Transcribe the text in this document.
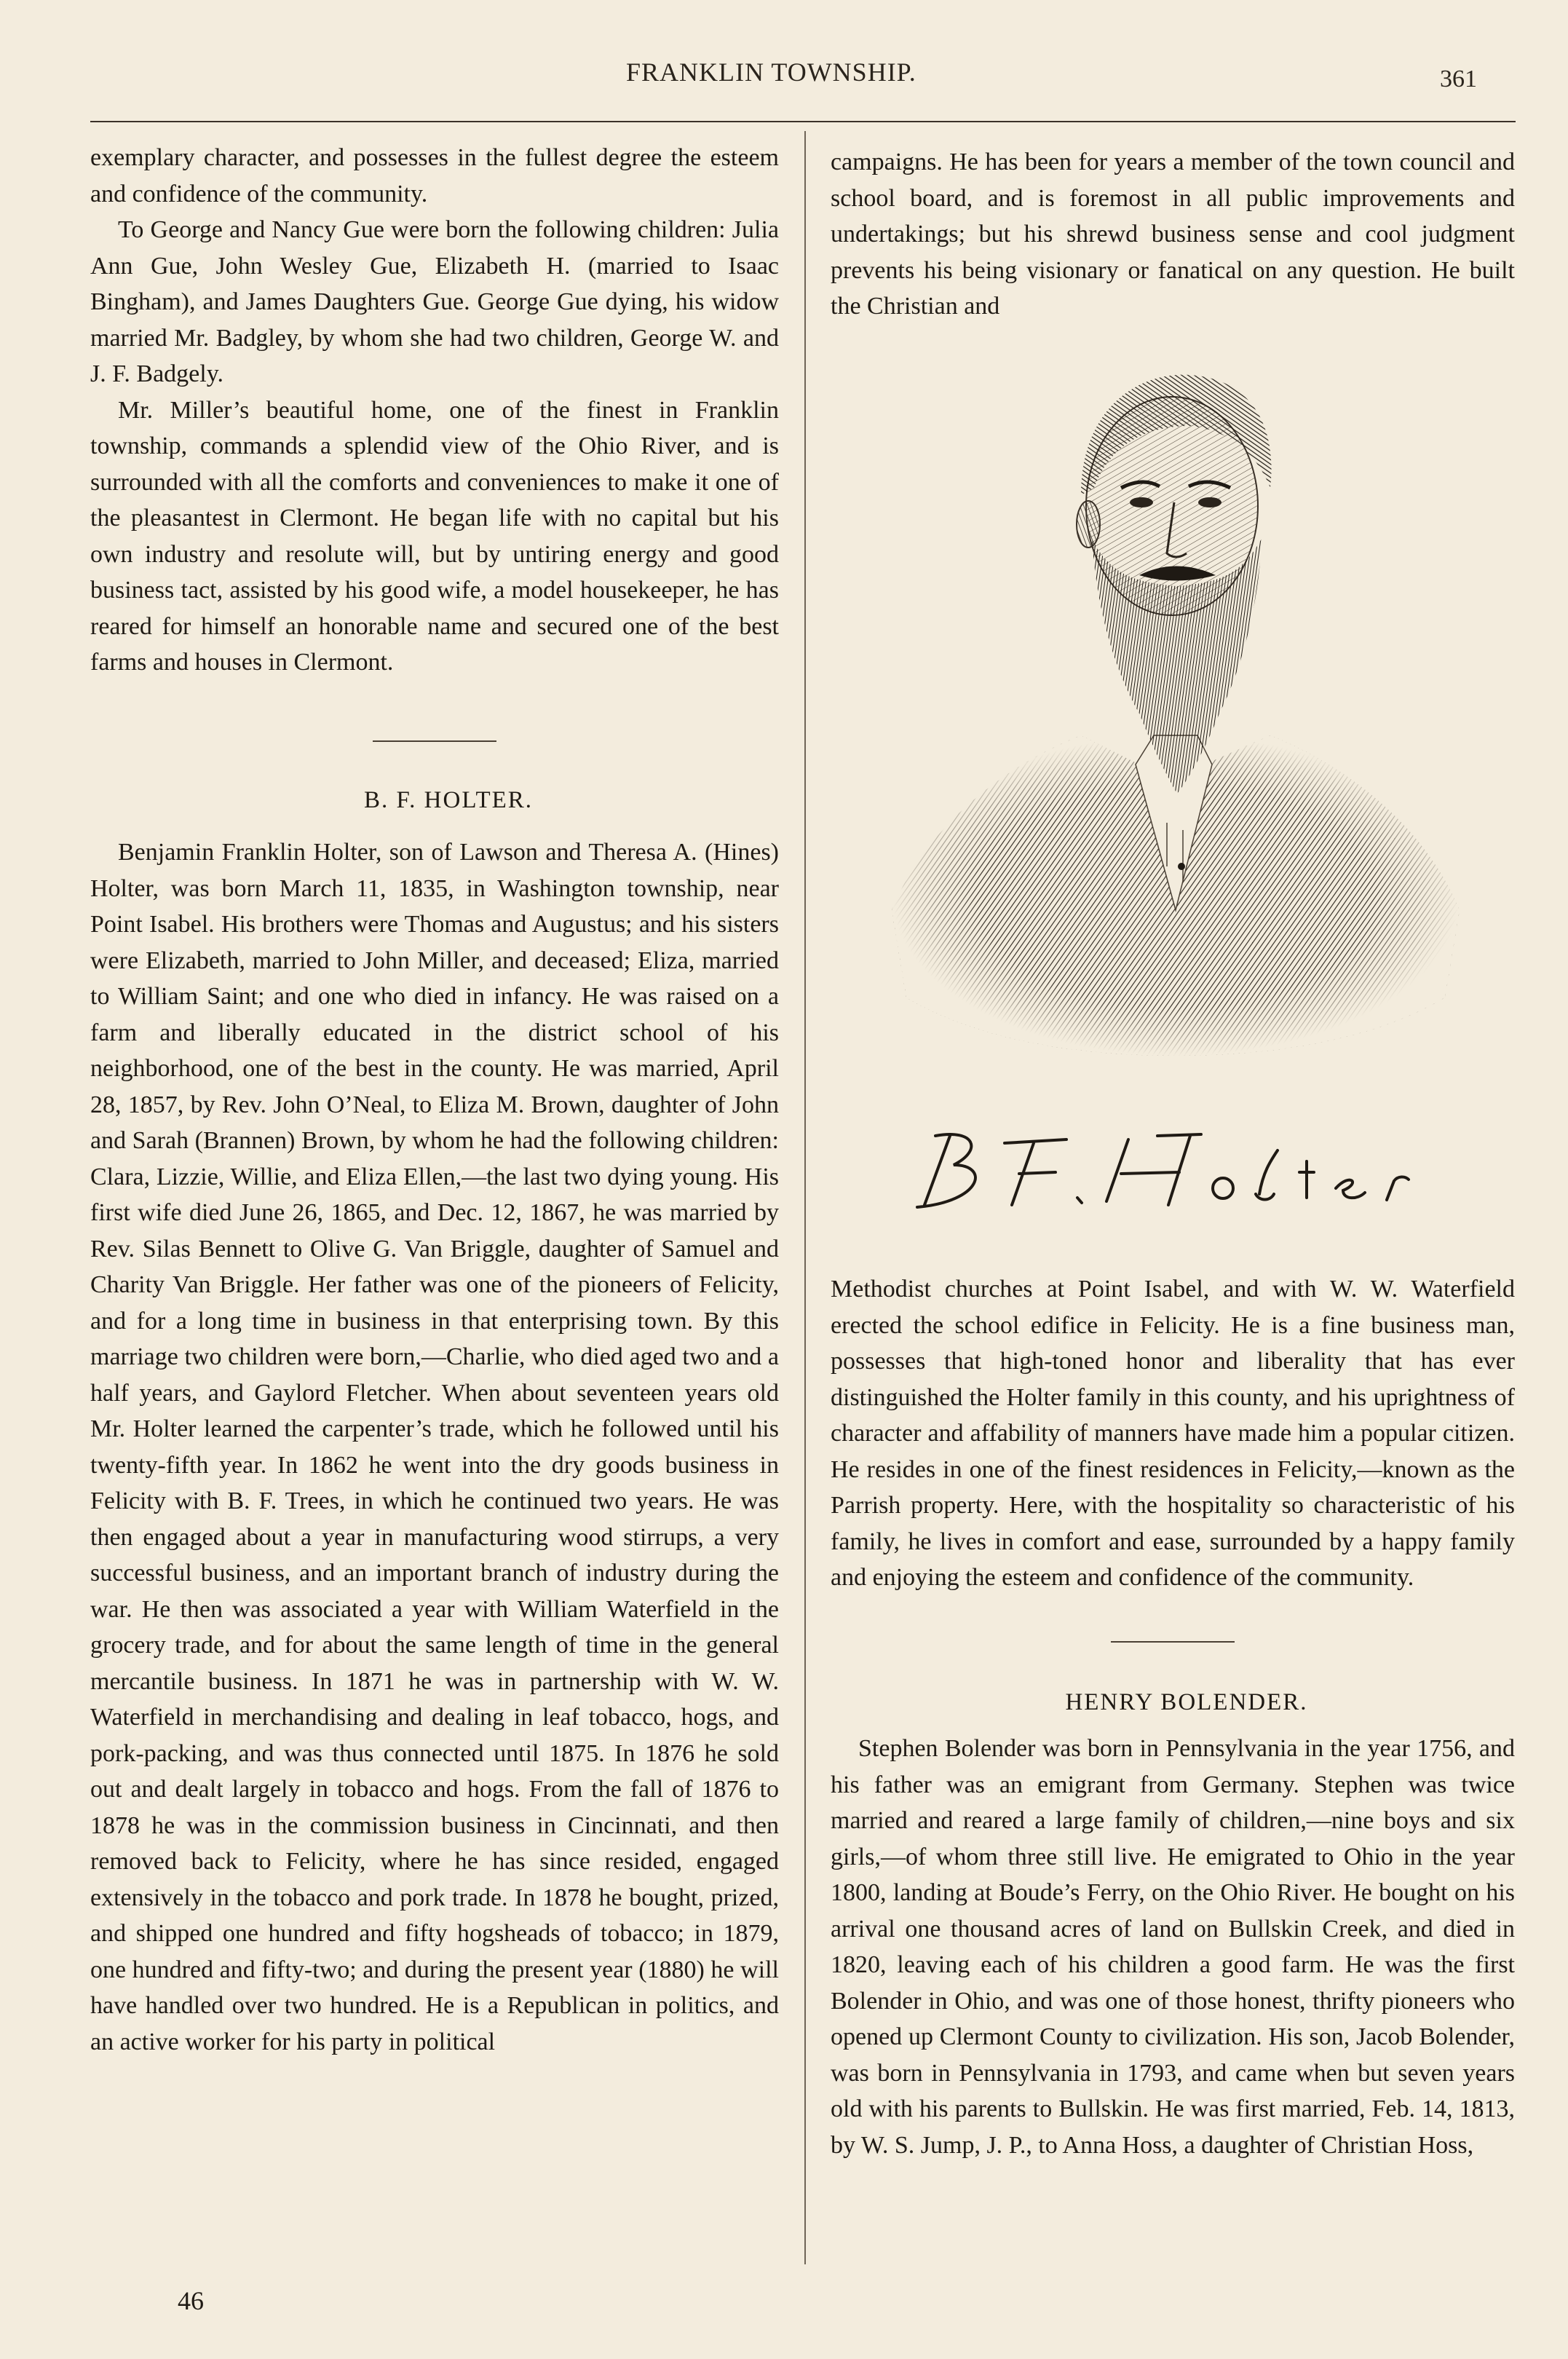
FRANKLIN TOWNSHIP.	361

exemplary character, and possesses in the fullest degree the esteem and confidence of the community.

To George and Nancy Gue were born the following children: Julia Ann Gue, John Wesley Gue, Elizabeth H. (married to Isaac Bingham), and James Daughters Gue. George Gue dying, his widow married Mr. Badgley, by whom she had two children, George W. and J. F. Badgely.

Mr. Miller’s beautiful home, one of the finest in Franklin township, commands a splendid view of the Ohio River, and is surrounded with all the comforts and conveniences to make it one of the pleasantest in Clermont. He began life with no capital but his own industry and resolute will, but by untiring energy and good business tact, assisted by his good wife, a model housekeeper, he has reared for himself an honorable name and secured one of the best farms and houses in Clermont.

B. F. HOLTER.

Benjamin Franklin Holter, son of Lawson and Theresa A. (Hines) Holter, was born March 11, 1835, in Washington township, near Point Isabel. His brothers were Thomas and Augustus; and his sisters were Elizabeth, married to John Miller, and deceased; Eliza, married to William Saint; and one who died in infancy. He was raised on a farm and liberally educated in the district school of his neighborhood, one of the best in the county. He was married, April 28, 1857, by Rev. John O’Neal, to Eliza M. Brown, daughter of John and Sarah (Brannen) Brown, by whom he had the following children: Clara, Lizzie, Willie, and Eliza Ellen,—the last two dying young. His first wife died June 26, 1865, and Dec. 12, 1867, he was married by Rev. Silas Bennett to Olive G. Van Briggle, daughter of Samuel and Charity Van Briggle. Her father was one of the pioneers of Felicity, and for a long time in business in that enterprising town. By this marriage two children were born,—Charlie, who died aged two and a half years, and Gaylord Fletcher. When about seventeen years old Mr. Holter learned the carpenter’s trade, which he followed until his twenty-fifth year. In 1862 he went into the dry goods business in Felicity with B. F. Trees, in which he continued two years. He was then engaged about a year in manufacturing wood stirrups, a very successful business, and an important branch of industry during the war. He then was associated a year with William Waterfield in the grocery trade, and for about the same length of time in the general mercantile business. In 1871 he was in partnership with W. W. Waterfield in merchandising and dealing in leaf tobacco, hogs, and pork-packing, and was thus connected until 1875. In 1876 he sold out and dealt largely in tobacco and hogs. From the fall of 1876 to 1878 he was in the commission business in Cincinnati, and then removed back to Felicity, where he has since resided, engaged extensively in the tobacco and pork trade. In 1878 he bought, prized, and shipped one hundred and fifty hogsheads of tobacco; in 1879, one hundred and fifty-two; and during the present year (1880) he will have handled over two hundred. He is a Republican in politics, and an active worker for his party in political

46

campaigns. He has been for years a member of the town council and school board, and is foremost in all public improvements and undertakings; but his shrewd business sense and cool judgment prevents his being visionary or fanatical on any question. He built the Christian and

Methodist churches at Point Isabel, and with W. W. Waterfield erected the school edifice in Felicity. He is a fine business man, possesses that high-toned honor and liberality that has ever distinguished the Holter family in this county, and his uprightness of character and affability of manners have made him a popular citizen. He resides in one of the finest residences in Felicity,—known as the Parrish property. Here, with the hospitality so characteristic of his family, he lives in comfort and ease, surrounded by a happy family and enjoying the esteem and confidence of the community.

HENRY BOLENDER.

Stephen Bolender was born in Pennsylvania in the year 1756, and his father was an emigrant from Germany. Stephen was twice married and reared a large family of children,—nine boys and six girls,—of whom three still live. He emigrated to Ohio in the year 1800, landing at Boude’s Ferry, on the Ohio River. He bought on his arrival one thousand acres of land on Bullskin Creek, and died in 1820, leaving each of his children a good farm. He was the first Bolender in Ohio, and was one of those honest, thrifty pioneers who opened up Clermont County to civilization. His son, Jacob Bolender, was born in Pennsylvania in 1793, and came when but seven years old with his parents to Bullskin. He was first married, Feb. 14, 1813, by W. S. Jump, J. P., to Anna Hoss, a daughter of Christian Hoss,
